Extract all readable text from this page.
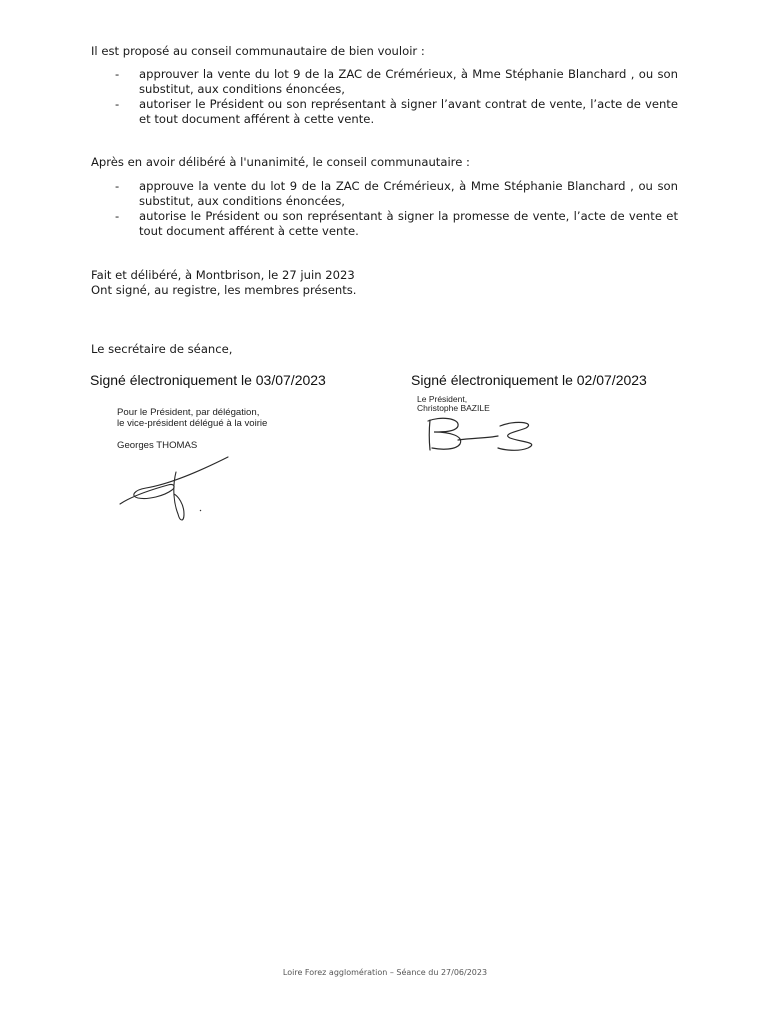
Il est proposé au conseil communautaire de bien vouloir :
- approuver la vente du lot 9 de la ZAC de Crémérieux, à Mme Stéphanie Blanchard , ou son substitut, aux conditions énoncées,
- autoriser le Président ou son représentant à signer l’avant contrat de vente, l’acte de vente et tout document afférent à cette vente.
Après en avoir délibéré à l'unanimité, le conseil communautaire :
- approuve la vente du lot 9 de la ZAC de Crémérieux, à Mme Stéphanie Blanchard , ou son substitut, aux conditions énoncées,
- autorise le Président ou son représentant à signer la promesse de vente, l’acte de vente et tout document afférent à cette vente.
Fait et délibéré, à Montbrison, le 27 juin 2023
Ont signé, au registre, les membres présents.
Le secrétaire de séance,
Signé électroniquement le 03/07/2023
Pour le Président, par délégation,
le vice-président délégué à la voirie
Georges THOMAS
Signé électroniquement le 02/07/2023
Le Président,
Christophe BAZILE
Loire Forez agglomération – Séance du 27/06/2023
